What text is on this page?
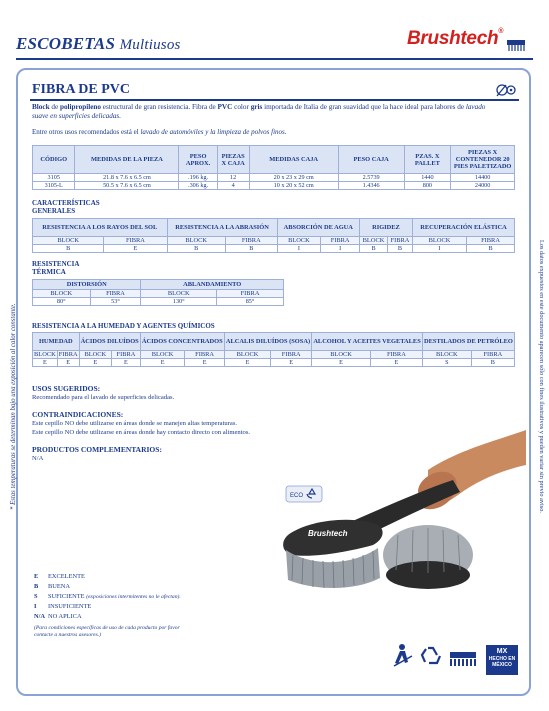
ESCOBETAS Multiusos	Brushtech®
* Estas temperaturas se determinan bajo una exposición al calor constante.	Los datos expuestos en este documento aparecen sólo con fines ilustrativos y pueden variar sin previo aviso.
FIBRA DE PVC
Block de polipropileno estructural de gran resistencia. Fibra de PVC color gris importada de Italia de gran suavidad que la hace ideal para labores de lavado suave en superficies delicadas.
Entre otros usos recomendados está el lavado de automóviles y la limpieza de polvos finos.
CÓDIGO	MEDIDAS DE LA PIEZA	PESO APROX.	PIEZAS X CAJA	MEDIDAS CAJA	PESO CAJA	PZAS. X PALLET	PIEZAS X CONTENEDOR 20 PIES PALETIZADO
3105	21.8 x 7.6 x 6.5 cm	.196 kg.	12	20 x 23 x 29 cm	2.5739	1440	14400
3105-L	50.5 x 7.6 x 6.5 cm	.306 kg.	4	10 x 20 x 52 cm	1.4346	800	24000
CARACTERÍSTICAS
GENERALES
RESISTENCIA A LOS RAYOS DEL SOL		RESISTENCIA A LA ABRASIÓN		ABSORCIÓN DE AGUA		RIGIDEZ		RECUPERACIÓN ELÁSTICA	
BLOCK	FIBRA	BLOCK	FIBRA	BLOCK	FIBRA	BLOCK	FIBRA	BLOCK	FIBRA
B	E	B	B	I	I	B	B	I	B
RESISTENCIA
TÉRMICA
DISTORSIÓN		ABLANDAMIENTO	
BLOCK	FIBRA	BLOCK	FIBRA
80°	53°	130°	85°
RESISTENCIA A LA HUMEDAD Y AGENTES QUÍMICOS
HUMEDAD		ÁCIDOS DILUÍDOS		ÁCIDOS CONCENTRADOS		ALCALIS DILUÍDOS (SOSA)		ALCOHOL Y ACEITES VEGETALES		DESTILADOS DE PETRÓLEO	
BLOCK	FIBRA	BLOCK	FIBRA	BLOCK	FIBRA	BLOCK	FIBRA	BLOCK	FIBRA	BLOCK	FIBRA
E	E	E	E	E	E	E	E	E	E	S	B
USOS SUGERIDOS:
Recomendado para el lavado de superficies delicadas.
CONTRAINDICACIONES:
Este cepillo NO debe utilizarse en áreas donde se manejen altas temperaturas.
Este cepillo NO debe utilizarse en áreas donde hay contacto directo con alimentos.
PRODUCTOS COMPLEMENTARIOS:
N/A
Brushtech
ECO
E EXCELENTE
B BUENA
S SUFICIENTE (exposiciones intermitentes no le afectan).
I INSUFICIENTE
N/A NO APLICA
(Para condiciones específicas de uso de cada producto por favor contacte a nuestros asesores.)
MX
HECHO EN
MÉXICO
